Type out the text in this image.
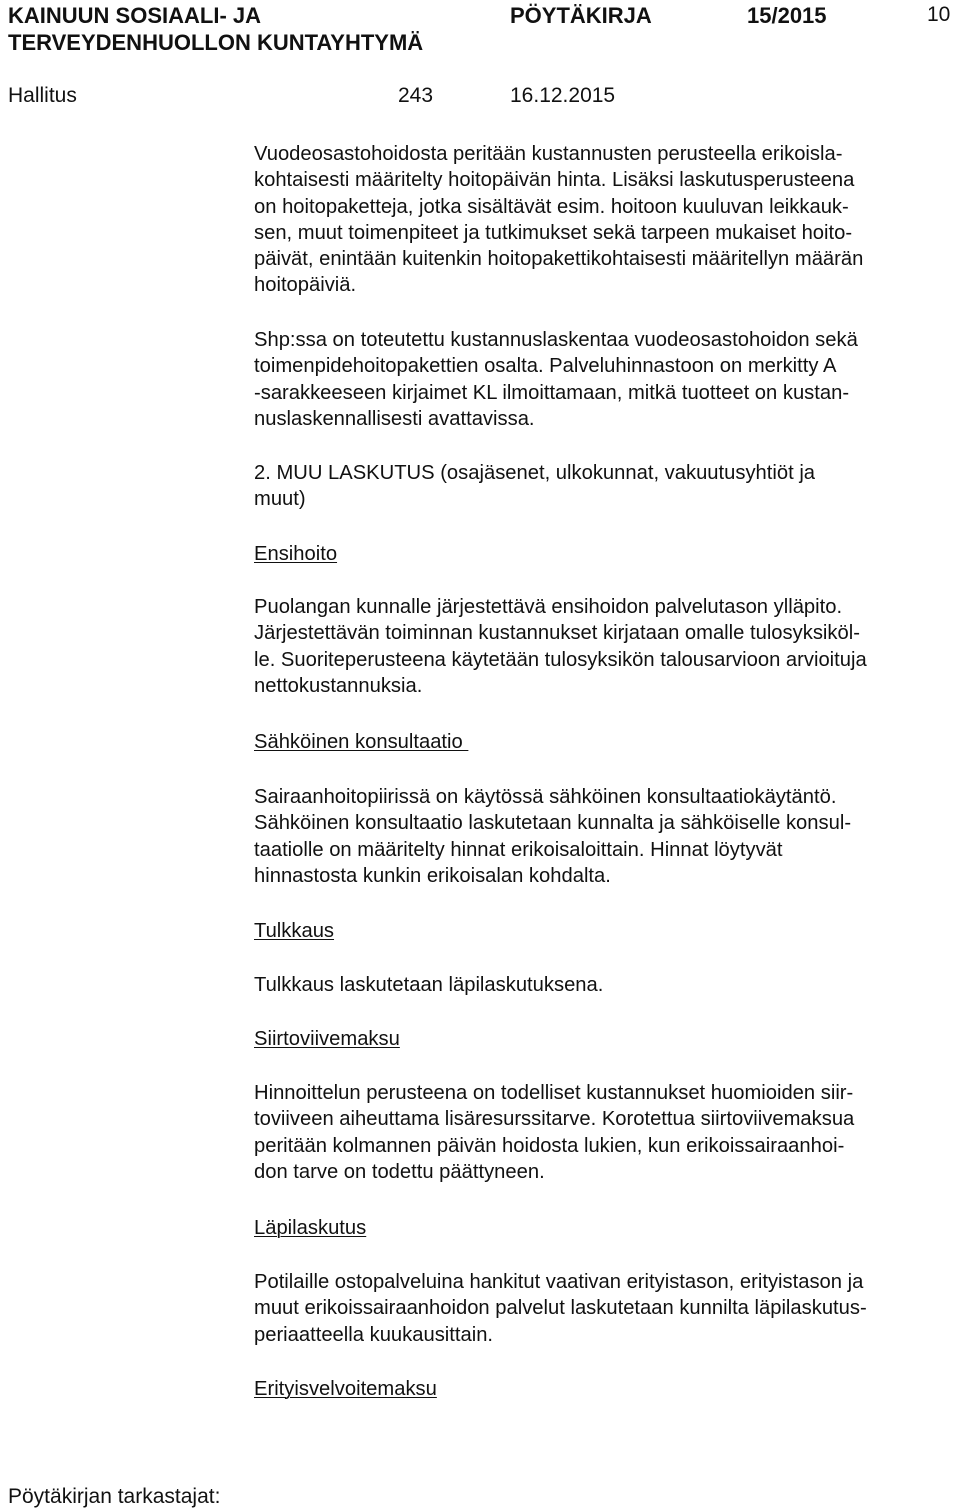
KAINUUN SOSIAALI- JA
TERVEYDENHUOLLON KUNTAYHTYMÄ
PÖYTÄKIRJA	15/2015	10
Hallitus	243	16.12.2015
Vuodeosastohoidosta peritään kustannusten perusteella erikoisla-
kohtaisesti määritelty hoitopäivän hinta. Lisäksi laskutusperusteena
on hoitopaketteja, jotka sisältävät esim. hoitoon kuuluvan leikkauk-
sen, muut toimenpiteet ja tutkimukset sekä tarpeen mukaiset hoito-
päivät, enintään kuitenkin hoitopakettikohtaisesti määritellyn määrän
hoitopäiviä.
Shp:ssa on toteutettu kustannuslaskentaa vuodeosastohoidon sekä
toimenpidehoitopakettien osalta. Palveluhinnastoon on merkitty A
-sarakkeeseen kirjaimet KL ilmoittamaan, mitkä tuotteet on kustan-
nuslaskennallisesti avattavissa.
2. MUU LASKUTUS (osajäsenet, ulkokunnat, vakuutusyhtiöt ja
muut)
Ensihoito
Puolangan kunnalle järjestettävä ensihoidon palvelutason ylläpito.
Järjestettävän toiminnan kustannukset kirjataan omalle tulosyksiköl-
le. Suoriteperusteena käytetään tulosyksikön talousarvioon arvioituja
nettokustannuksia.
Sähköinen konsultaatio
Sairaanhoitopiirissä on käytössä sähköinen konsultaatiokäytäntö.
Sähköinen konsultaatio laskutetaan kunnalta ja sähköiselle konsul-
taatiolle on määritelty hinnat erikoisaloittain. Hinnat löytyvät
hinnastosta kunkin erikoisalan kohdalta.
Tulkkaus
Tulkkaus laskutetaan läpilaskutuksena.
Siirtoviivemaksu
Hinnoittelun perusteena on todelliset kustannukset huomioiden siir-
toviiveen aiheuttama lisäresurssitarve. Korotettua siirtoviivemaksua
peritään kolmannen päivän hoidosta lukien, kun erikoissairaanhoi-
don tarve on todettu päättyneen.
Läpilaskutus
Potilaille ostopalveluina hankitut vaativan erityistason, erityistason ja
muut erikoissairaanhoidon palvelut laskutetaan kunnilta läpilaskutus-
periaatteella kuukausittain.
Erityisvelvoitemaksu
Pöytäkirjan tarkastajat:
